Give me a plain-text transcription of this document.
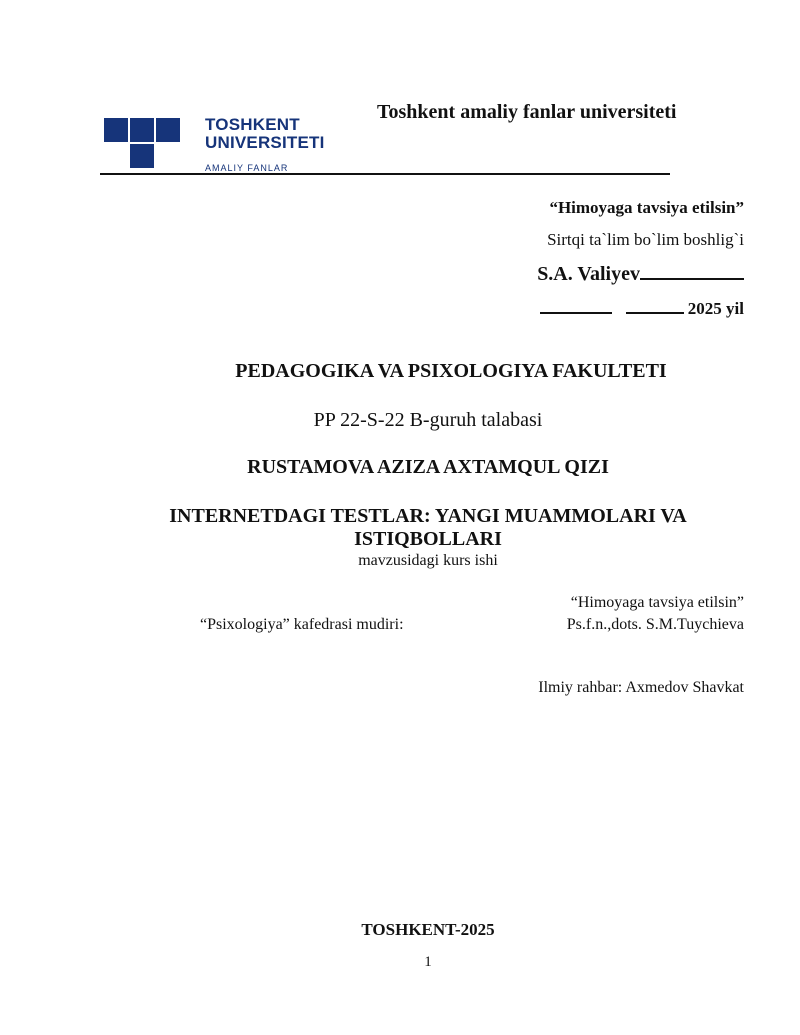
TOSHKENT
UNIVERSITETI
AMALIY FANLAR
Toshkent amaliy fanlar universiteti
“Himoyaga tavsiya etilsin”
Sirtqi ta`lim bo`lim boshlig`i
S.A. Valiyev
2025 yil
PEDAGOGIKA VA PSIXOLOGIYA FAKULTETI
PP 22-S-22 B-guruh talabasi
RUSTAMOVA AZIZA AXTAMQUL QIZI
INTERNETDAGI TESTLAR: YANGI MUAMMOLARI VA ISTIQBOLLARI
mavzusidagi kurs ishi
“Himoyaga tavsiya etilsin”
“Psixologiya” kafedrasi mudiri:	Ps.f.n.,dots. S.M.Tuychieva
Ilmiy rahbar: Axmedov Shavkat
TOSHKENT-2025
1
